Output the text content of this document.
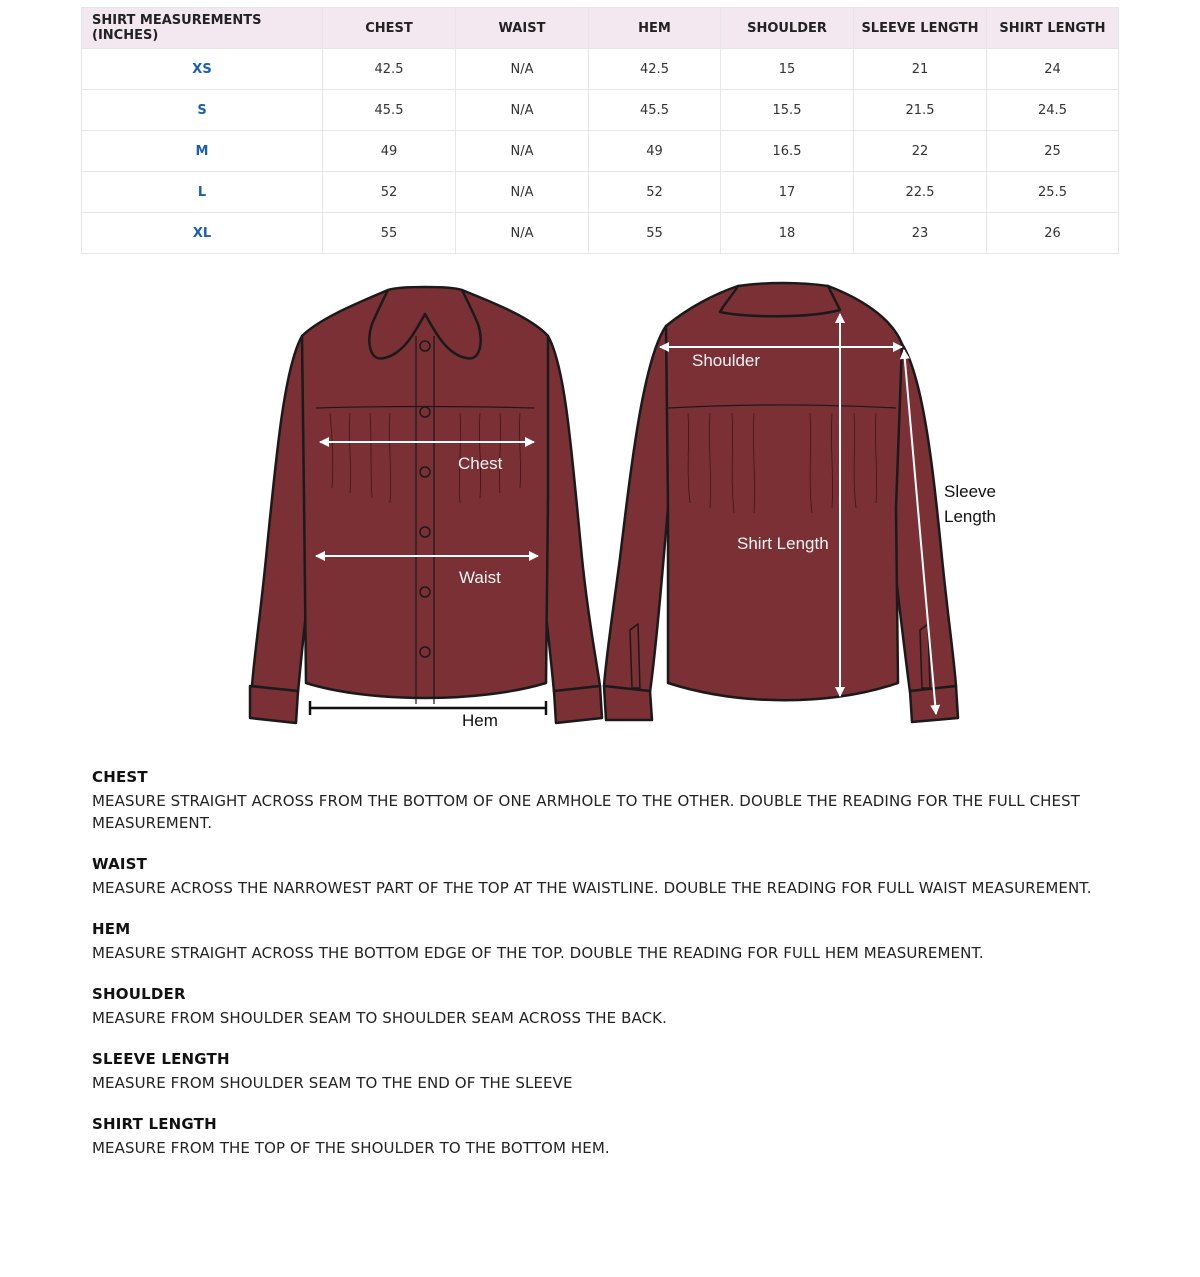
SHIRT MEASUREMENTS (INCHES)	CHEST	WAIST	HEM	SHOULDER	SLEEVE LENGTH	SHIRT LENGTH
XS	42.5	N/A	42.5	15	21	24
S	45.5	N/A	45.5	15.5	21.5	24.5
M	49	N/A	49	16.5	22	25
L	52	N/A	52	17	22.5	25.5
XL	55	N/A	55	18	23	26
Chest
Waist
Hem
Shoulder
Shirt Length
Sleeve
Length
CHEST

MEASURE STRAIGHT ACROSS FROM THE BOTTOM OF ONE ARMHOLE TO THE OTHER. DOUBLE THE READING FOR THE FULL CHEST MEASUREMENT.

WAIST

MEASURE ACROSS THE NARROWEST PART OF THE TOP AT THE WAISTLINE. DOUBLE THE READING FOR FULL WAIST MEASUREMENT.

HEM

MEASURE STRAIGHT ACROSS THE BOTTOM EDGE OF THE TOP. DOUBLE THE READING FOR FULL HEM MEASUREMENT.

SHOULDER

MEASURE FROM SHOULDER SEAM TO SHOULDER SEAM ACROSS THE BACK.

SLEEVE LENGTH

MEASURE FROM SHOULDER SEAM TO THE END OF THE SLEEVE

SHIRT LENGTH

MEASURE FROM THE TOP OF THE SHOULDER TO THE BOTTOM HEM.
